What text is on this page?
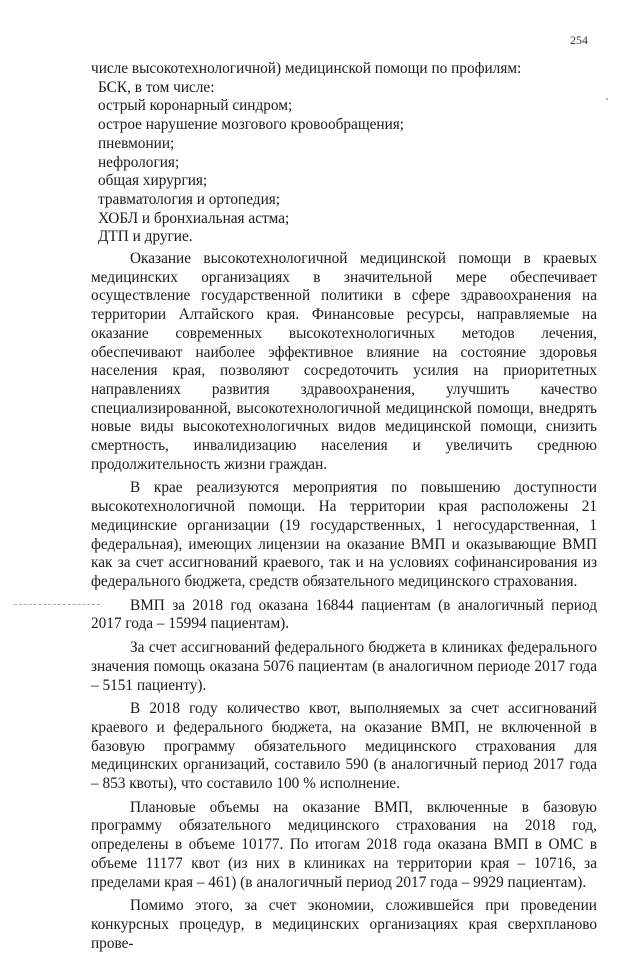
254

числе высокотехнологичной) медицинской помощи по профилям:

БСК, в том числе:

острый коронарный синдром;

острое нарушение мозгового кровообращения;

пневмонии;

нефрология;

общая хирургия;

травматология и ортопедия;

ХОБЛ и бронхиальная астма;

ДТП и другие.

Оказание высокотехнологичной медицинской помощи в краевых медицинских организациях в значительной мере обеспечивает осуществление государственной политики в сфере здравоохранения на территории Алтайского края. Финансовые ресурсы, направляемые на оказание современных высокотехнологичных методов лечения, обеспечивают наиболее эффективное влияние на состояние здоровья населения края, позволяют сосредоточить усилия на приоритетных направлениях развития здравоохранения, улучшить качество специализированной, высокотехнологичной медицинской помощи, внедрять новые виды высокотехнологичных видов медицинской помощи, снизить смертность, инвалидизацию населения и увеличить среднюю продолжительность жизни граждан.

В крае реализуются мероприятия по повышению доступности высокотехнологичной помощи. На территории края расположены 21 медицинские организации (19 государственных, 1 негосударственная, 1 федеральная), имеющих лицензии на оказание ВМП и оказывающие ВМП как за счет ассигнований краевого, так и на условиях софинансирования из федерального бюджета, средств обязательного медицинского страхования.

ВМП за 2018 год оказана 16844 пациентам (в аналогичный период 2017 года – 15994 пациентам).

За счет ассигнований федерального бюджета в клиниках федерального значения помощь оказана 5076 пациентам (в аналогичном периоде 2017 года – 5151 пациенту).

В 2018 году количество квот, выполняемых за счет ассигнований краевого и федерального бюджета, на оказание ВМП, не включенной в базовую программу обязательного медицинского страхования для медицинских организаций, составило 590 (в аналогичный период 2017 года – 853 квоты), что составило 100 % исполнение.

Плановые объемы на оказание ВМП, включенные в базовую программу обязательного медицинского страхования на 2018 год, определены в объеме 10177. По итогам 2018 года оказана ВМП в ОМС в объеме 11177 квот (из них в клиниках на территории края – 10716, за пределами края – 461) (в аналогичный период 2017 года – 9929 пациентам).

Помимо этого, за счет экономии, сложившейся при проведении конкурсных процедур, в медицинских организациях края сверхпланово прове-
